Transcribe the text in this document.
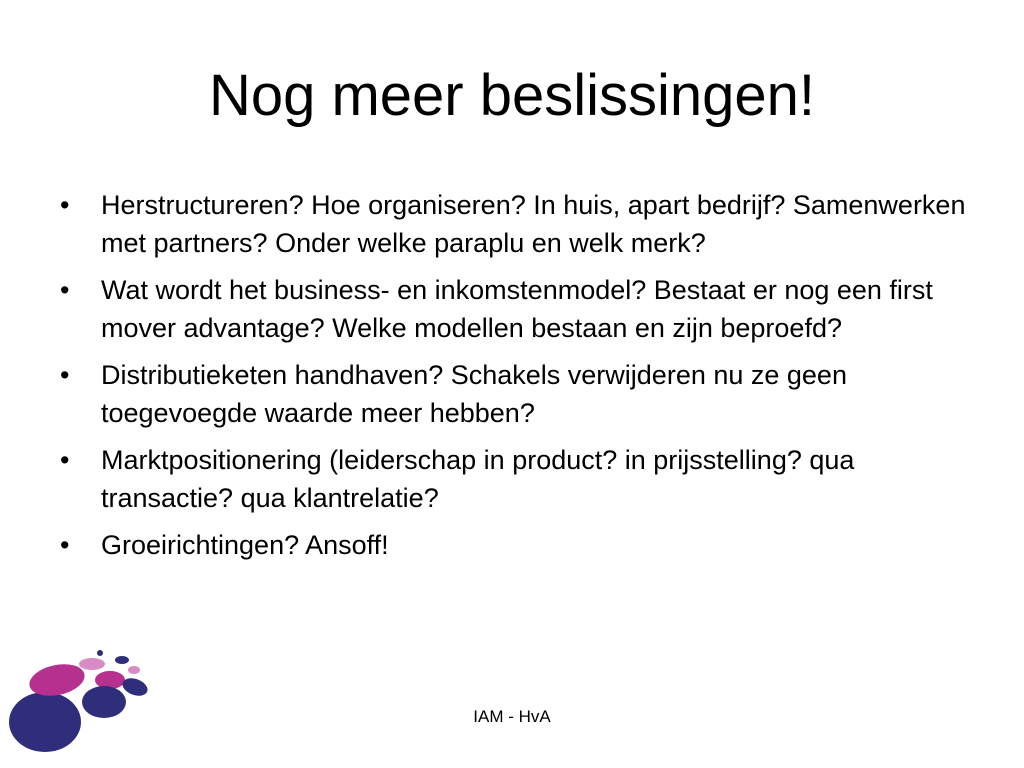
Nog meer beslissingen!
•	Herstructureren? Hoe organiseren? In huis, apart bedrijf? Samenwerken met partners? Onder welke paraplu en welk merk?
•	Wat wordt het business- en inkomstenmodel? Bestaat er nog een first mover advantage? Welke modellen bestaan en zijn beproefd?
•	Distributieketen handhaven? Schakels verwijderen nu ze geen toegevoegde waarde meer hebben?
•	Marktpositionering (leiderschap in product? in prijsstelling? qua transactie? qua klantrelatie?
•	Groeirichtingen? Ansoff!
IAM - HvA
